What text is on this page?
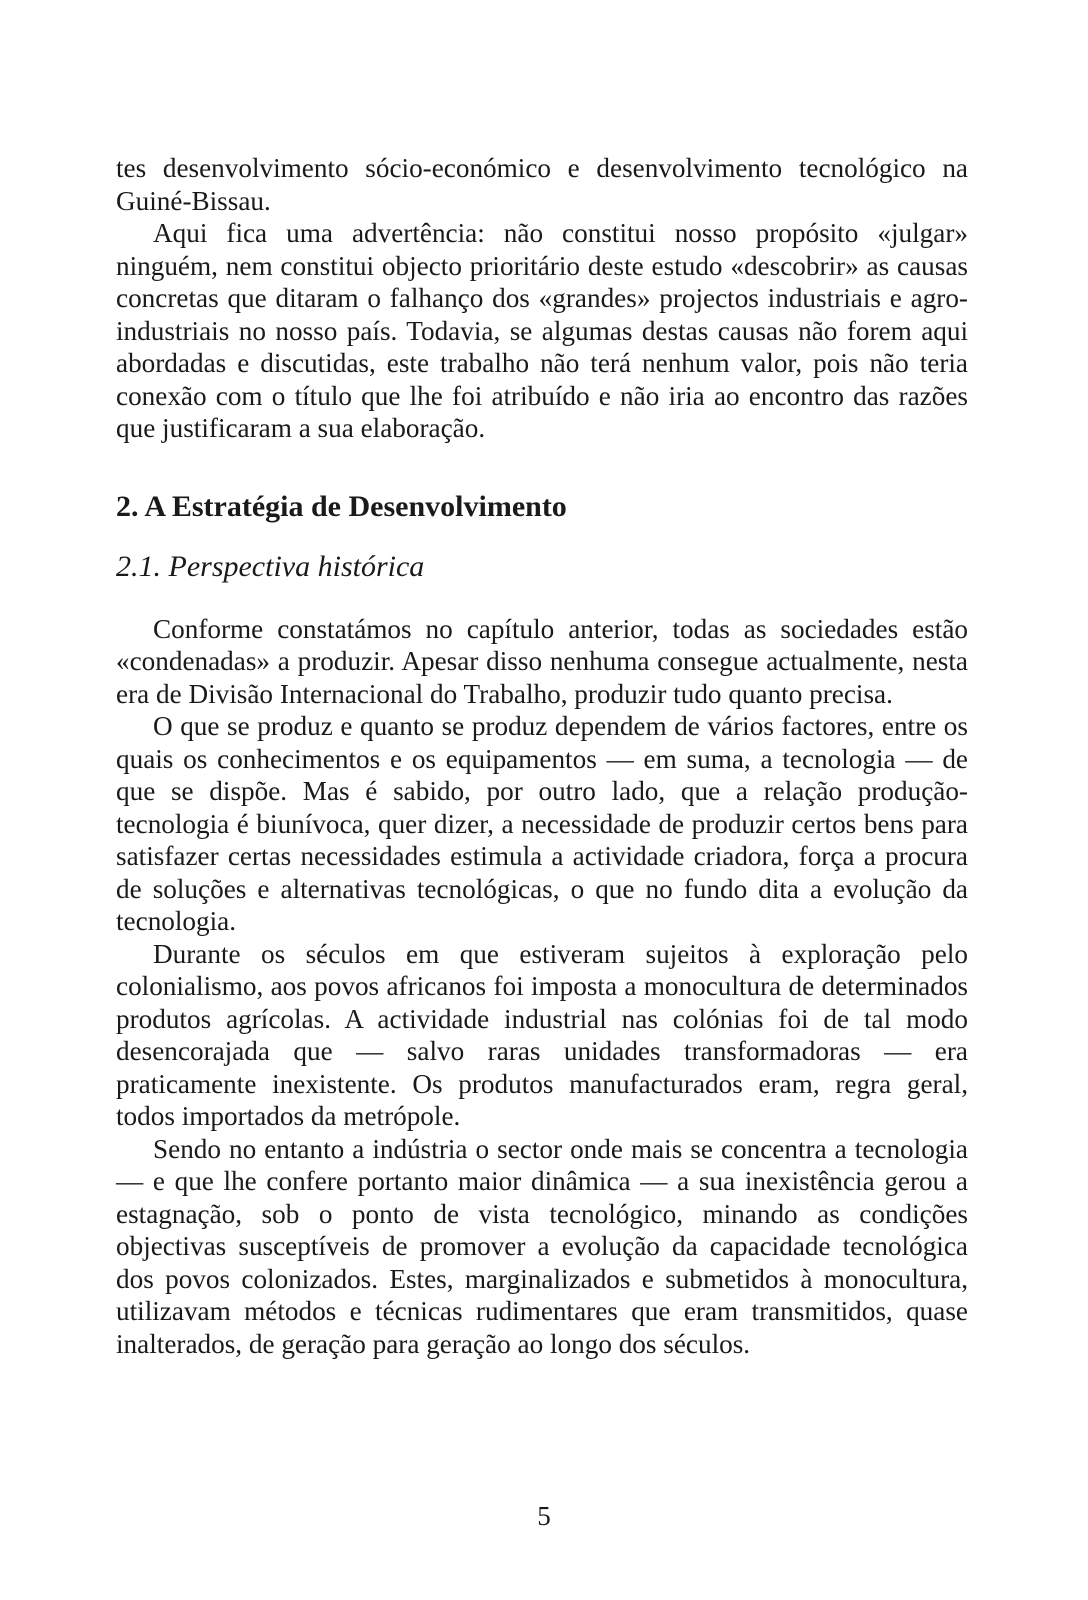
tes desenvolvimento sócio-económico e desenvolvimento tecnológico na Guiné-Bissau.

Aqui fica uma advertência: não constitui nosso propósito «julgar» ninguém, nem constitui objecto prioritário deste estudo «descobrir» as causas concretas que ditaram o falhanço dos «grandes» projectos industriais e agro-industriais no nosso país. Todavia, se algumas destas causas não forem aqui abordadas e discutidas, este trabalho não terá nenhum valor, pois não teria conexão com o título que lhe foi atribuído e não iria ao encontro das razões que justificaram a sua elaboração.

2. A Estratégia de Desenvolvimento
2.1. Perspectiva histórica

Conforme constatámos no capítulo anterior, todas as sociedades estão «condenadas» a produzir. Apesar disso nenhuma consegue actualmente, nesta era de Divisão Internacional do Trabalho, produzir tudo quanto precisa.

O que se produz e quanto se produz dependem de vários factores, entre os quais os conhecimentos e os equipamentos — em suma, a tecnologia — de que se dispõe. Mas é sabido, por outro lado, que a relação produção-tecnologia é biunívoca, quer dizer, a necessidade de produzir certos bens para satisfazer certas necessidades estimula a actividade criadora, força a procura de soluções e alternativas tecnológicas, o que no fundo dita a evolução da tecnologia.

Durante os séculos em que estiveram sujeitos à exploração pelo colonialismo, aos povos africanos foi imposta a monocultura de determinados produtos agrícolas. A actividade industrial nas colónias foi de tal modo desencorajada que — salvo raras unidades transformadoras — era praticamente inexistente. Os produtos manufacturados eram, regra geral, todos importados da metrópole.

Sendo no entanto a indústria o sector onde mais se concentra a tecnologia — e que lhe confere portanto maior dinâmica — a sua inexistência gerou a estagnação, sob o ponto de vista tecnológico, minando as condições objectivas susceptíveis de promover a evolução da capacidade tecnológica dos povos colonizados. Estes, marginalizados e submetidos à monocultura, utilizavam métodos e técnicas rudimentares que eram transmitidos, quase inalterados, de geração para geração ao longo dos séculos.

5
